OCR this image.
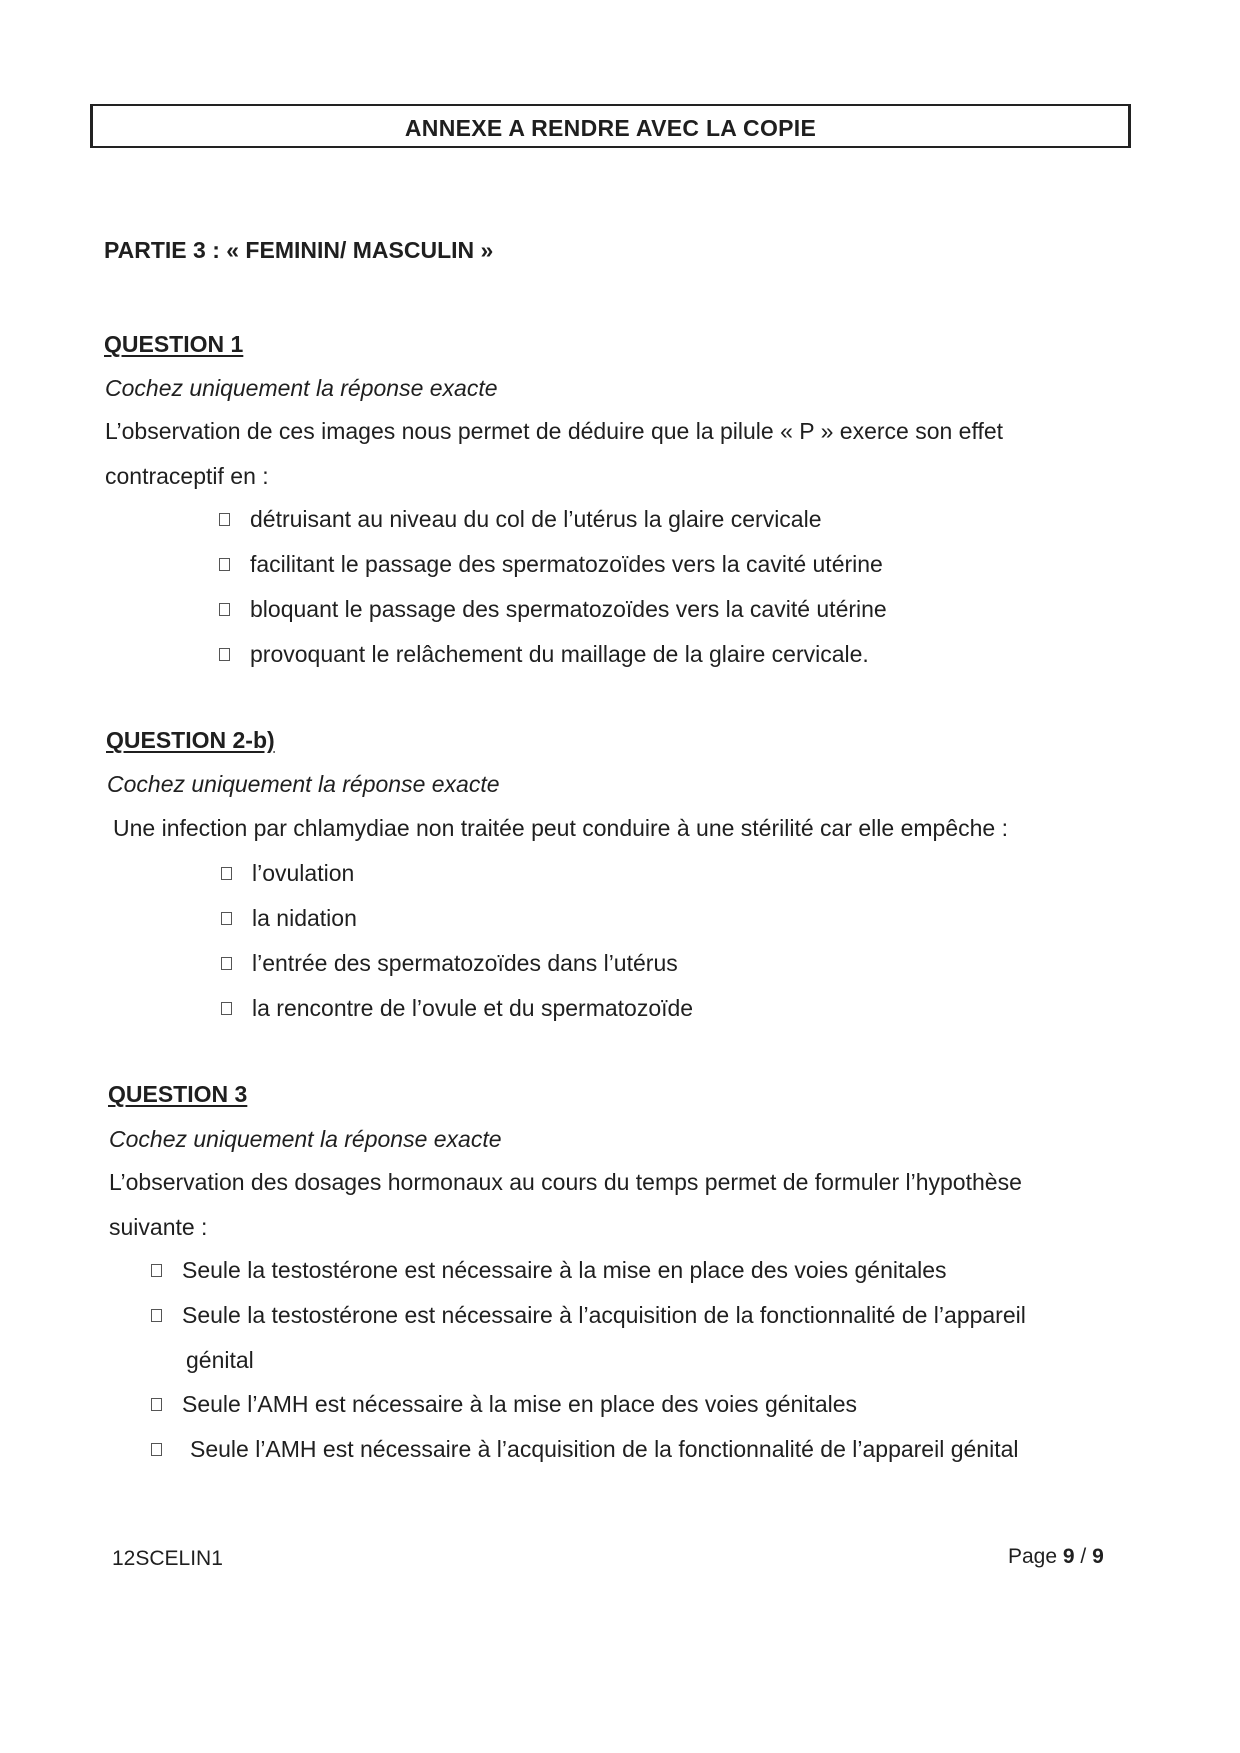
ANNEXE A RENDRE AVEC LA COPIE
PARTIE 3 : « FEMININ/ MASCULIN »
QUESTION 1
Cochez uniquement la réponse exacte
L’observation de ces images nous permet de déduire que la pilule « P » exerce son effet
contraceptif en :
détruisant au niveau du col de l’utérus la glaire cervicale
facilitant le passage des spermatozoïdes vers la cavité utérine
bloquant le passage des spermatozoïdes vers la cavité utérine
provoquant le relâchement du maillage de la glaire cervicale.
QUESTION 2-b)
Cochez uniquement la réponse exacte
Une infection par chlamydiae non traitée peut conduire à une stérilité car elle empêche :
l’ovulation
la nidation
l’entrée des spermatozoïdes dans l’utérus
la rencontre de l’ovule et du spermatozoïde
QUESTION 3
Cochez uniquement la réponse exacte
L’observation des dosages hormonaux au cours du temps permet de formuler l’hypothèse
suivante :
Seule la testostérone est nécessaire à la mise en place des voies génitales
Seule la testostérone est nécessaire à l’acquisition de la fonctionnalité de l’appareil
génital
Seule l’AMH est nécessaire à la mise en place des voies génitales
Seule l’AMH est nécessaire à l’acquisition de la fonctionnalité de l’appareil génital
12SCELIN1	Page 9 / 9
